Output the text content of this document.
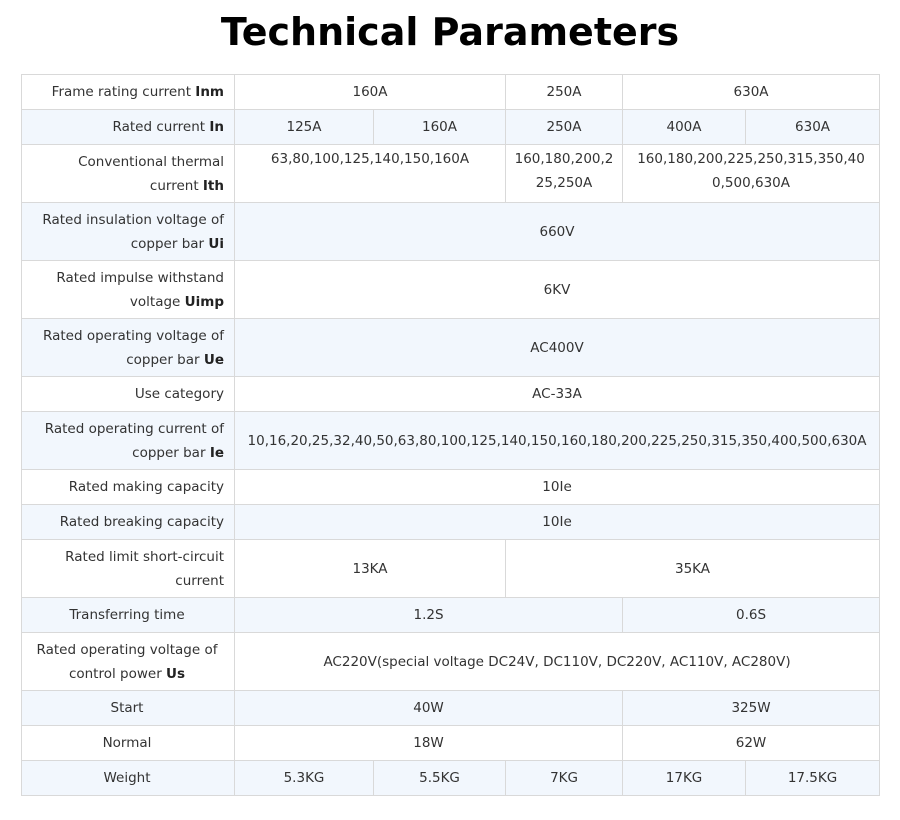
Technical Parameters
Frame rating current Inm	160A		250A	630A	
Rated current In	125A	160A	250A	400A	630A
Conventional thermal current Ith	63,80,100,125,140,150,160A		160,180,200,225,250A	160,180,200,225,250,315,350,400,500,630A	
Rated insulation voltage of copper bar Ui	660V				
Rated impulse withstand voltage Uimp	6KV				
Rated operating voltage of copper bar Ue	AC400V				
Use category	AC-33A				
Rated operating current of copper bar Ie	10,16,20,25,32,40,50,63,80,100,125,140,150,160,180,200,225,250,315,350,400,500,630A				
Rated making capacity	10Ie				
Rated breaking capacity	10Ie				
Rated limit short-circuit current	13KA		35KA		
Transferring time	1.2S			0.6S	
Rated operating voltage of control power Us	AC220V(special voltage DC24V, DC110V, DC220V, AC110V, AC280V)				
Start	40W			325W	
Normal	18W			62W	
Weight	5.3KG	5.5KG	7KG	17KG	17.5KG
